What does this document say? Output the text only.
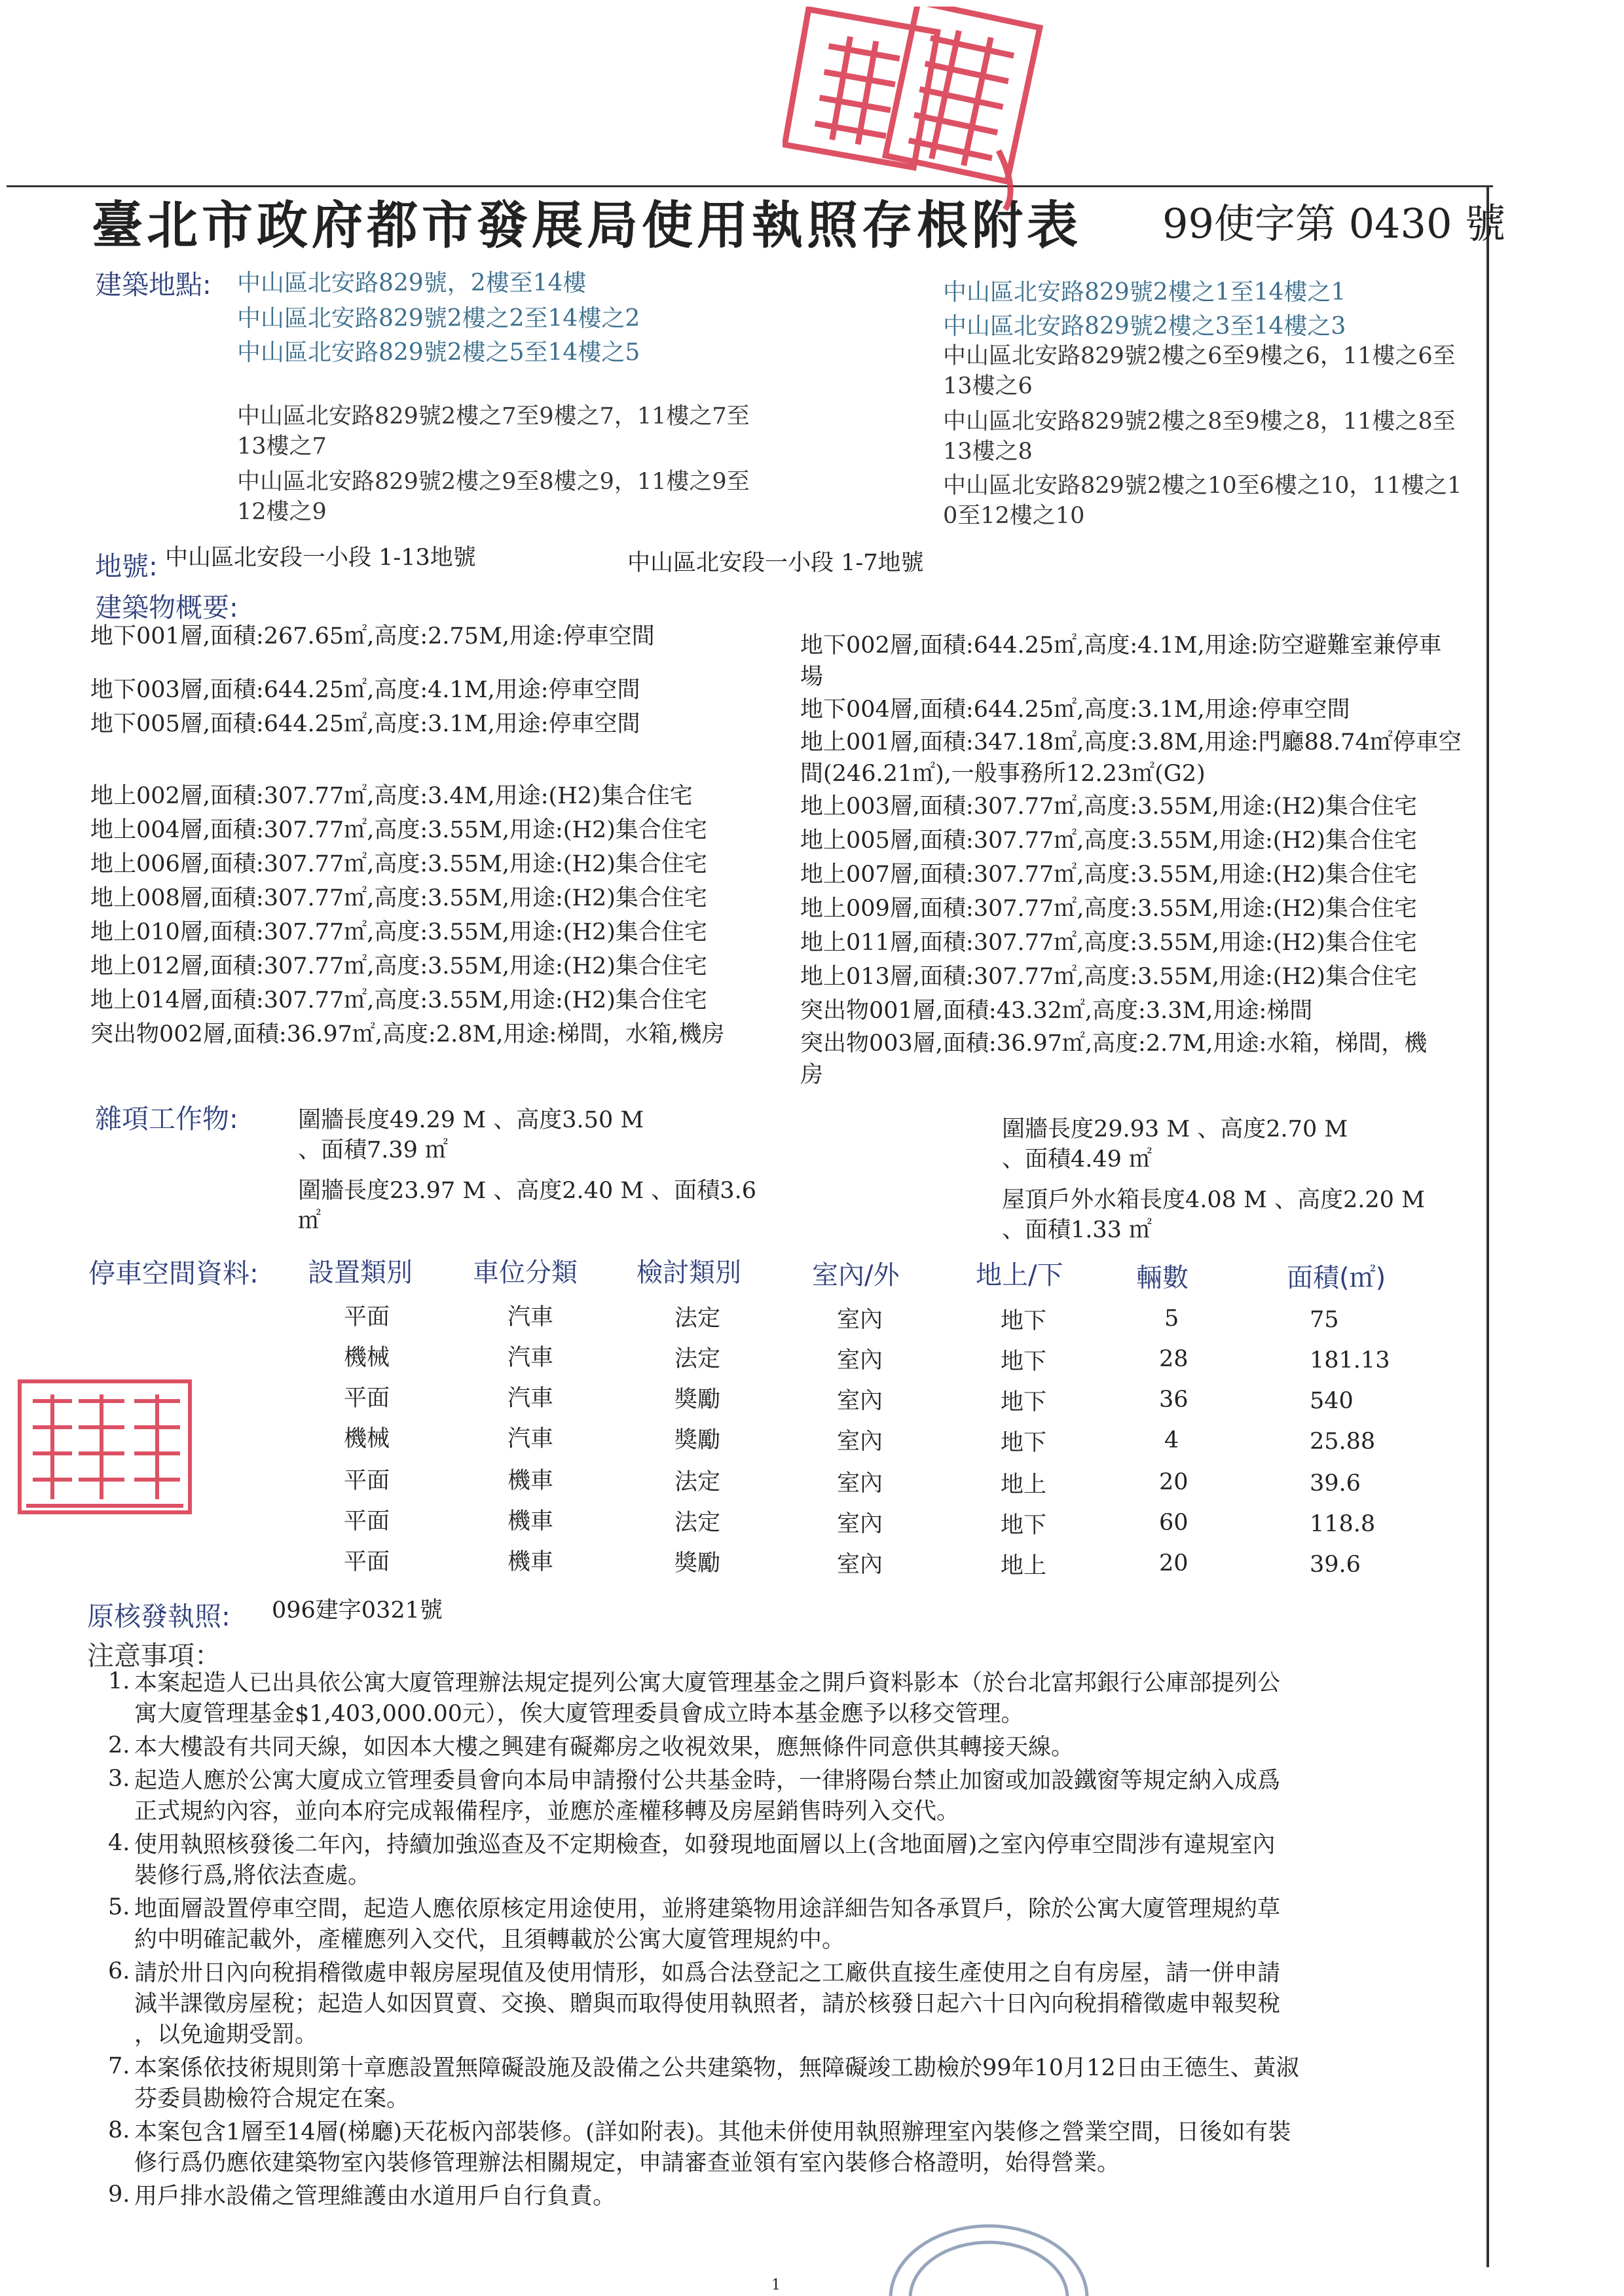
臺北市政府都市發展局使用執照存根附表 99使字第 0430 號
建築地點: 中山區北安路829號，2樓至14樓
中山區北安路829號2樓之2至14樓之2
中山區北安路829號2樓之5至14樓之5
中山區北安路829號2樓之7至9樓之7，11樓之7至
13樓之7
中山區北安路829號2樓之9至8樓之9，11樓之9至
12樓之9
中山區北安路829號2樓之1至14樓之1
中山區北安路829號2樓之3至14樓之3
中山區北安路829號2樓之6至9樓之6，11樓之6至
13樓之6
中山區北安路829號2樓之8至9樓之8，11樓之8至
13樓之8
中山區北安路829號2樓之10至6樓之10，11樓之1
0至12樓之10
地號: 中山區北安段一小段 1-13地號	中山區北安段一小段 1-7地號
建築物概要:
地下001層,面積:267.65㎡,高度:2.75M,用途:停車空間
地下003層,面積:644.25㎡,高度:4.1M,用途:停車空間
地下005層,面積:644.25㎡,高度:3.1M,用途:停車空間
地上002層,面積:307.77㎡,高度:3.4M,用途:(H2)集合住宅
地上004層,面積:307.77㎡,高度:3.55M,用途:(H2)集合住宅
地上006層,面積:307.77㎡,高度:3.55M,用途:(H2)集合住宅
地上008層,面積:307.77㎡,高度:3.55M,用途:(H2)集合住宅
地上010層,面積:307.77㎡,高度:3.55M,用途:(H2)集合住宅
地上012層,面積:307.77㎡,高度:3.55M,用途:(H2)集合住宅
地上014層,面積:307.77㎡,高度:3.55M,用途:(H2)集合住宅
突出物002層,面積:36.97㎡,高度:2.8M,用途:梯間，水箱,機房
地下002層,面積:644.25㎡,高度:4.1M,用途:防空避難室兼停車
場
地下004層,面積:644.25㎡,高度:3.1M,用途:停車空間
地上001層,面積:347.18㎡,高度:3.8M,用途:門廳88.74㎡停車空
間(246.21㎡),一般事務所12.23㎡(G2)
地上003層,面積:307.77㎡,高度:3.55M,用途:(H2)集合住宅
地上005層,面積:307.77㎡,高度:3.55M,用途:(H2)集合住宅
地上007層,面積:307.77㎡,高度:3.55M,用途:(H2)集合住宅
地上009層,面積:307.77㎡,高度:3.55M,用途:(H2)集合住宅
地上011層,面積:307.77㎡,高度:3.55M,用途:(H2)集合住宅
地上013層,面積:307.77㎡,高度:3.55M,用途:(H2)集合住宅
突出物001層,面積:43.32㎡,高度:3.3M,用途:梯間
突出物003層,面積:36.97㎡,高度:2.7M,用途:水箱，梯間，機
房
雜項工作物:	圍牆長度49.29 M 、高度3.50 M
、面積7.39 ㎡
圍牆長度23.97 M 、高度2.40 M 、面積3.6
㎡
圍牆長度29.93 M 、高度2.70 M
、面積4.49 ㎡
屋頂戶外水箱長度4.08 M 、高度2.20 M
、面積1.33 ㎡
停車空間資料: 設置類別 車位分類 檢討類別	室內/外	地上/下	輛數	面積(㎡)
平面	汽車	法定	室內	地下	5	75
機械	汽車	法定	室內	地下	28	181.13
平面	汽車	獎勵	室內	地下	36	540
機械	汽車	獎勵	室內	地下	4	25.88
平面	機車	法定	室內	地上	20	39.6
平面	機車	法定	室內	地下	60	118.8
平面	機車	獎勵	室內	地上	20	39.6
原核發執照: 096建字0321號
注意事項：
1. 本案起造人已出具依公寓大廈管理辦法規定提列公寓大廈管理基金之開戶資料影本（於台北富邦銀行公庫部提列公
寓大廈管理基金$1,403,000.00元），俟大廈管理委員會成立時本基金應予以移交管理。
2. 本大樓設有共同天線，如因本大樓之興建有礙鄰房之收視效果，應無條件同意供其轉接天線。
3. 起造人應於公寓大廈成立管理委員會向本局申請撥付公共基金時，一律將陽台禁止加窗或加設鐵窗等規定納入成爲
正式規約內容，並向本府完成報備程序，並應於產權移轉及房屋銷售時列入交代。
4. 使用執照核發後二年內，持續加強巡查及不定期檢查，如發現地面層以上(含地面層)之室內停車空間涉有違規室內
裝修行爲,將依法查處。
5. 地面層設置停車空間，起造人應依原核定用途使用，並將建築物用途詳細告知各承買戶，除於公寓大廈管理規約草
約中明確記載外，產權應列入交代，且須轉載於公寓大廈管理規約中。
6. 請於卅日內向稅捐稽徵處申報房屋現值及使用情形，如爲合法登記之工廠供直接生產使用之自有房屋，請一併申請
減半課徵房屋稅；起造人如因買賣、交換、贈與而取得使用執照者，請於核發日起六十日內向稅捐稽徵處申報契稅
，以免逾期受罰。
7. 本案係依技術規則第十章應設置無障礙設施及設備之公共建築物，無障礙竣工勘檢於99年10月12日由王德生、黃淑
芬委員勘檢符合規定在案。
8. 本案包含1層至14層(梯廳)天花板內部裝修。(詳如附表)。其他未併使用執照辦理室內裝修之營業空間，日後如有裝
修行爲仍應依建築物室內裝修管理辦法相關規定，申請審查並領有室內裝修合格證明，始得營業。
9. 用戶排水設備之管理維護由水道用戶自行負責。
1
